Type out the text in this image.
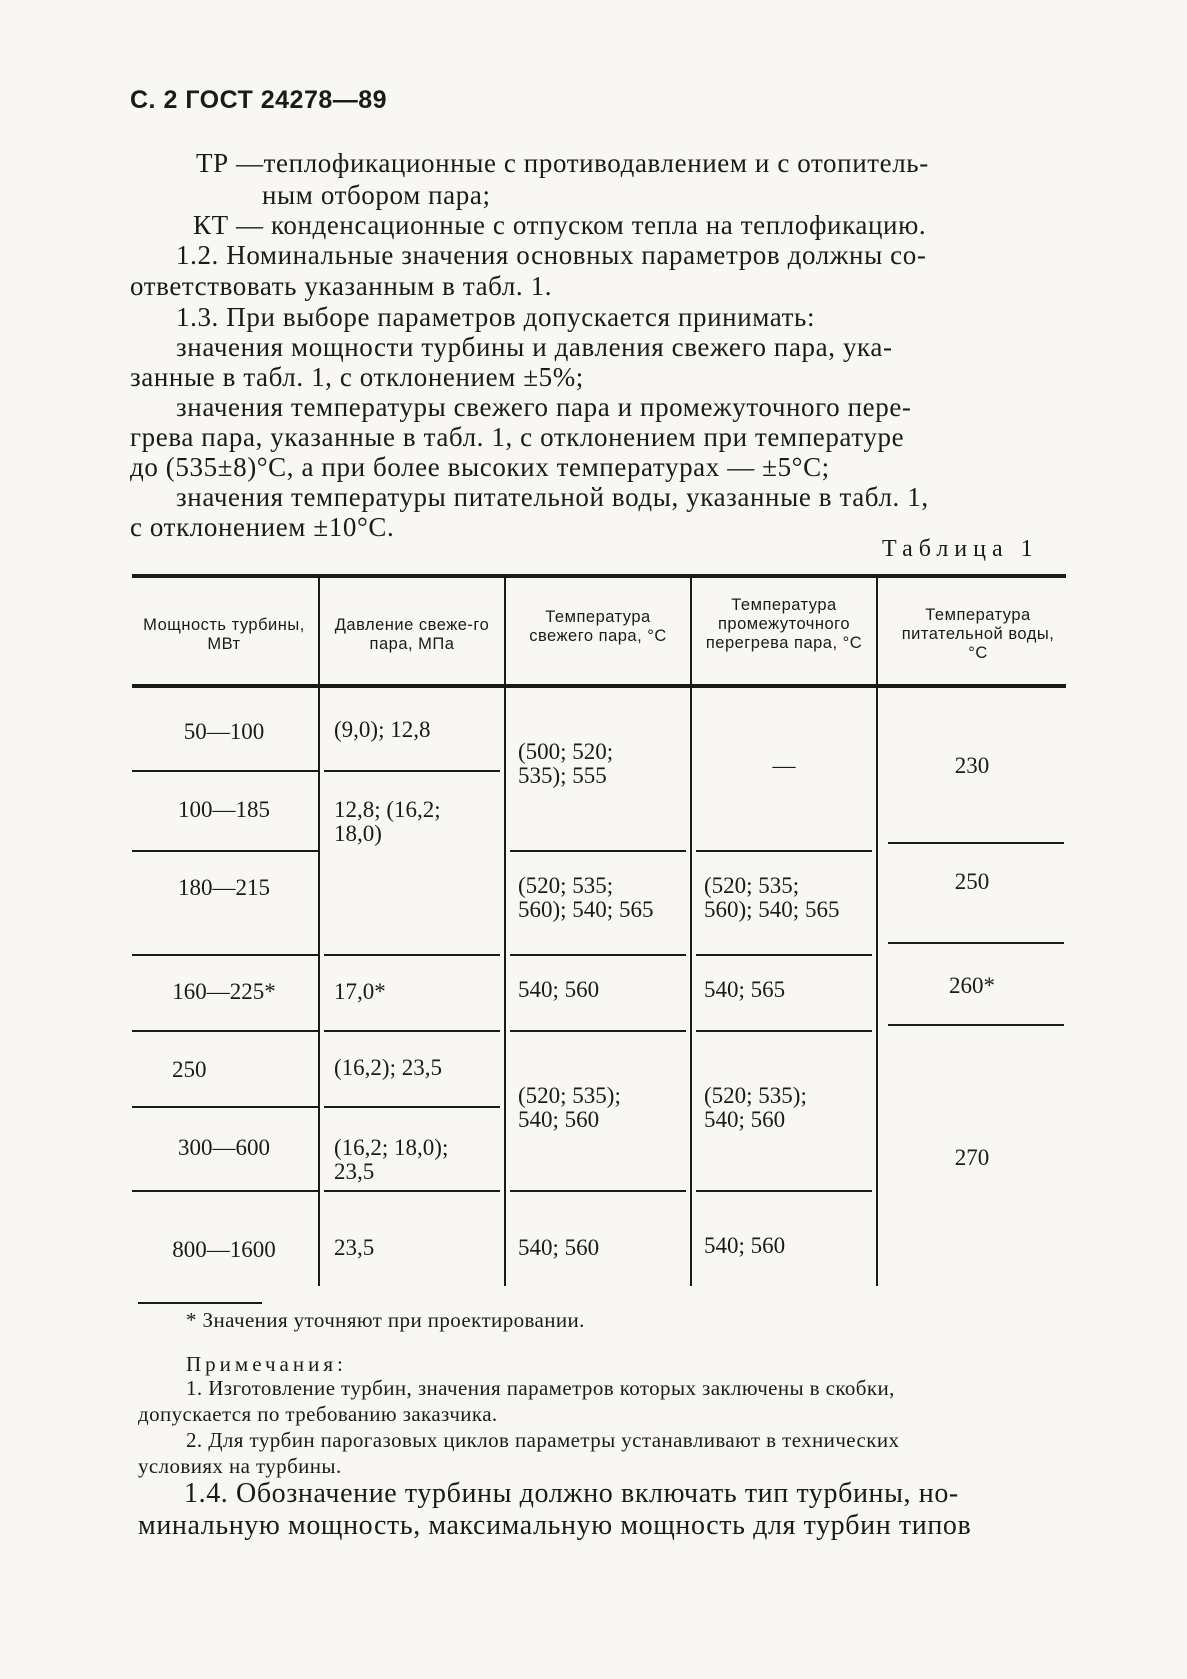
С. 2 ГОСТ 24278—89
ТР —теплофикационные с противодавлением и с отопитель-
ным отбором пара;
КТ — конденсационные с отпуском тепла на теплофикацию.
1.2. Номинальные значения основных параметров должны со-
ответствовать указанным в табл. 1.
1.3. При выборе параметров допускается принимать:
значения мощности турбины и давления свежего пара, ука-
занные в табл. 1, с отклонением ±5%;
значения температуры свежего пара и промежуточного пере-
грева пара, указанные в табл. 1, с отклонением при температуре
до (535±8)°С, а при более высоких температурах — ±5°С;
значения температуры питательной воды, указанные в табл. 1,
с отклонением ±10°С.
Таблица 1
Мощность турбины, МВт
Давление свеже-го пара, МПа
Температура свежего пара, °С
Температура промежуточного перегрева пара, °С
Температура питательной воды, °С
50—100
100—185
180—215
160—225*
250
300—600
800—1600
(9,0); 12,8
12,8; (16,2;
18,0)
17,0*
(16,2); 23,5
(16,2; 18,0);
23,5
23,5
(500; 520;
535); 555
(520; 535;
560); 540; 565
540; 560
(520; 535);
540; 560
540; 560
—
(520; 535;
560); 540; 565
540; 565
(520; 535);
540; 560
540; 560
230
250
260*
270
* Значения уточняют при проектировании.
Примечания:
1. Изготовление турбин, значения параметров которых заключены в скобки,
допускается по требованию заказчика.
2. Для турбин парогазовых циклов параметры устанавливают в технических
условиях на турбины.
1.4. Обозначение турбины должно включать тип турбины, но-
минальную мощность, максимальную мощность для турбин типов
